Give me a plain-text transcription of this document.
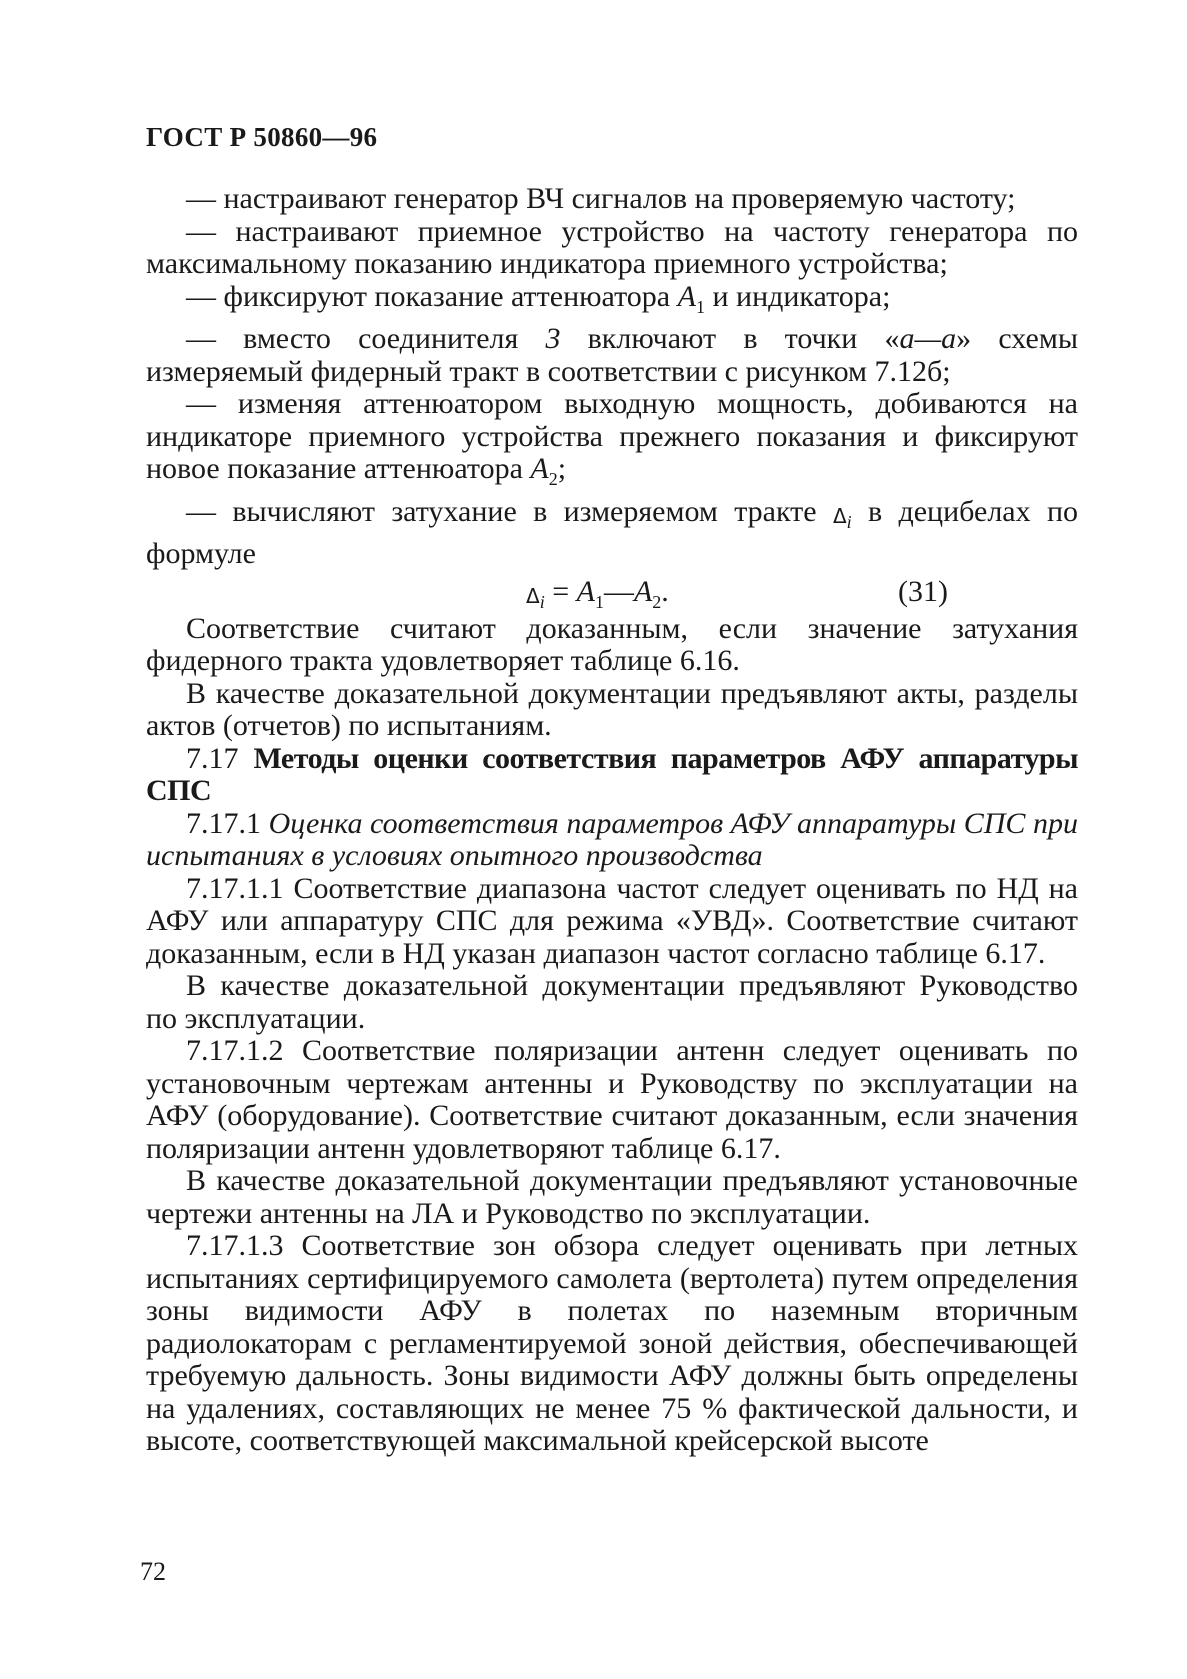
ГОСТ Р 50860—96

— настраивают генератор ВЧ сигналов на проверяемую частоту;

— настраивают приемное устройство на частоту генератора по максимальному показанию индикатора приемного устройства;

— фиксируют показание аттенюатора $A_1$ и индикатора;

— вместо соединителя 3 включают в точки «а—а» схемы измеряемый фидерный тракт в соответствии с рисунком 7.12б;

— изменяя аттенюатором выходную мощность, добиваются на индикаторе приемного устройства прежнего показания и фиксируют новое показание аттенюатора $A_2$;

— вычисляют затухание в измеряемом тракте $\Delta_i$ в децибелах по формуле

$\Delta_i$ = $A_1—A_2$.	(31)

Соответствие считают доказанным, если значение затухания фидерного тракта удовлетворяет таблице 6.16.

В качестве доказательной документации предъявляют акты, разделы актов (отчетов) по испытаниям.

7.17 Методы оценки соответствия параметров АФУ аппаратуры СПС

7.17.1 Оценка соответствия параметров АФУ аппаратуры СПС при испытаниях в условиях опытного производства

7.17.1.1 Соответствие диапазона частот следует оценивать по НД на АФУ или аппаратуру СПС для режима «УВД». Соответствие считают доказанным, если в НД указан диапазон частот согласно таблице 6.17.

В качестве доказательной документации предъявляют Руководство по эксплуатации.

7.17.1.2 Соответствие поляризации антенн следует оценивать по установочным чертежам антенны и Руководству по эксплуатации на АФУ (оборудование). Соответствие считают доказанным, если значения поляризации антенн удовлетворяют таблице 6.17.

В качестве доказательной документации предъявляют установочные чертежи антенны на ЛА и Руководство по эксплуатации.

7.17.1.3 Соответствие зон обзора следует оценивать при летных испытаниях сертифицируемого самолета (вертолета) путем определения зоны видимости АФУ в полетах по наземным вторичным радиолокаторам с регламентируемой зоной действия, обеспечивающей требуемую дальность. Зоны видимости АФУ должны быть определены на удалениях, составляющих не менее 75 % фактической дальности, и высоте, соответствующей максимальной крейсерской высоте

72
